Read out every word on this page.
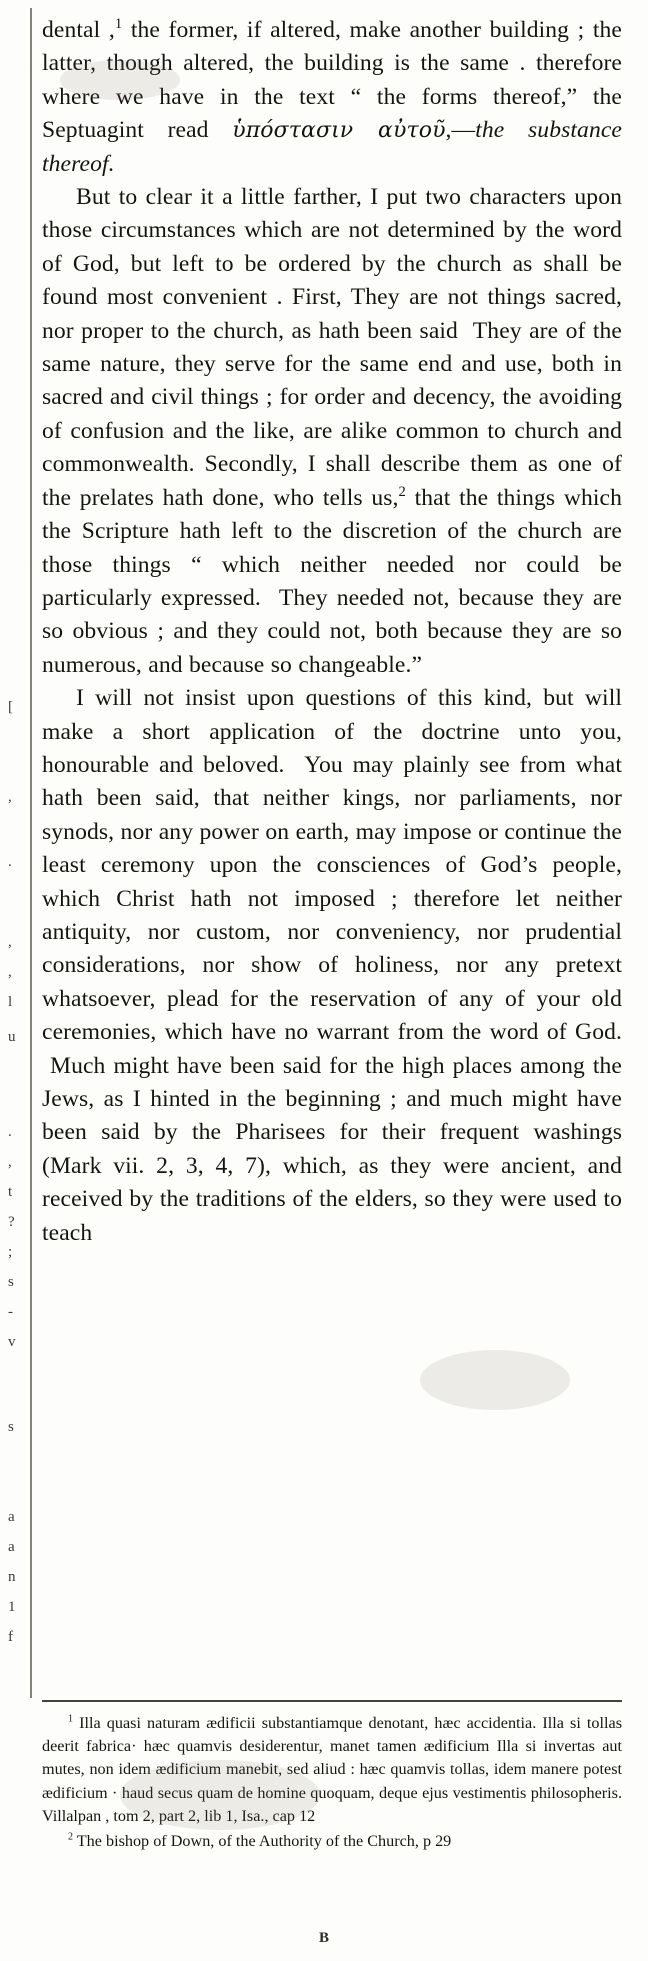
[
,
.
,
,
l
u
.
,
t
?
;
s
-
v
s
a
a
n
1
f

dental ,$^1$ the former, if altered, make another building ; the latter, though altered, the building is the same . therefore where we have in the text “ the forms thereof,” the Septuagint read ὑπόστασιν αὐτοῦ,—the substance thereof.

But to clear it a little farther, I put two characters upon those circumstances which are not determined by the word of God, but left to be ordered by the church as shall be found most convenient . First, They are not things sacred, nor proper to the church, as hath been said  They are of the same nature, they serve for the same end and use, both in sacred and civil things ; for order and decency, the avoiding of confusion and the like, are alike common to church and commonwealth. Secondly, I shall describe them as one of the prelates hath done, who tells us,$^2$ that the things which the Scripture hath left to the discretion of the church are those things “ which neither needed nor could be particularly expressed.  They needed not, because they are so obvious ; and they could not, both because they are so numerous, and because so changeable.”

I will not insist upon questions of this kind, but will make a short application of the doctrine unto you, honourable and beloved.  You may plainly see from what hath been said, that neither kings, nor parliaments, nor synods, nor any power on earth, may impose or continue the least ceremony upon the consciences of God’s people, which Christ hath not imposed ; therefore let neither antiquity, nor custom, nor conveniency, nor prudential considerations, nor show of holiness, nor any pretext whatsoever, plead for the reservation of any of your old ceremonies, which have no warrant from the word of God.  Much might have been said for the high places among the Jews, as I hinted in the beginning ; and much might have been said by the Pharisees for their frequent washings (Mark vii. 2, 3, 4, 7), which, as they were ancient, and received by the traditions of the elders, so they were used to teach

$^1$ Illa quasi naturam ædificii substantiamque denotant, hæc accidentia. Illa si tollas deerit fabrica· hæc quamvis desiderentur, manet tamen ædificium Illa si invertas aut mutes, non idem ædificium manebit, sed aliud : hæc quamvis tollas, idem manere potest ædificium · haud secus quam de homine quoquam, deque ejus vestimentis philosopheris. Villalpan , tom 2, part 2, lib 1, Isa., cap 12

$^2$ The bishop of Down, of the Authority of the Church, p 29

B
